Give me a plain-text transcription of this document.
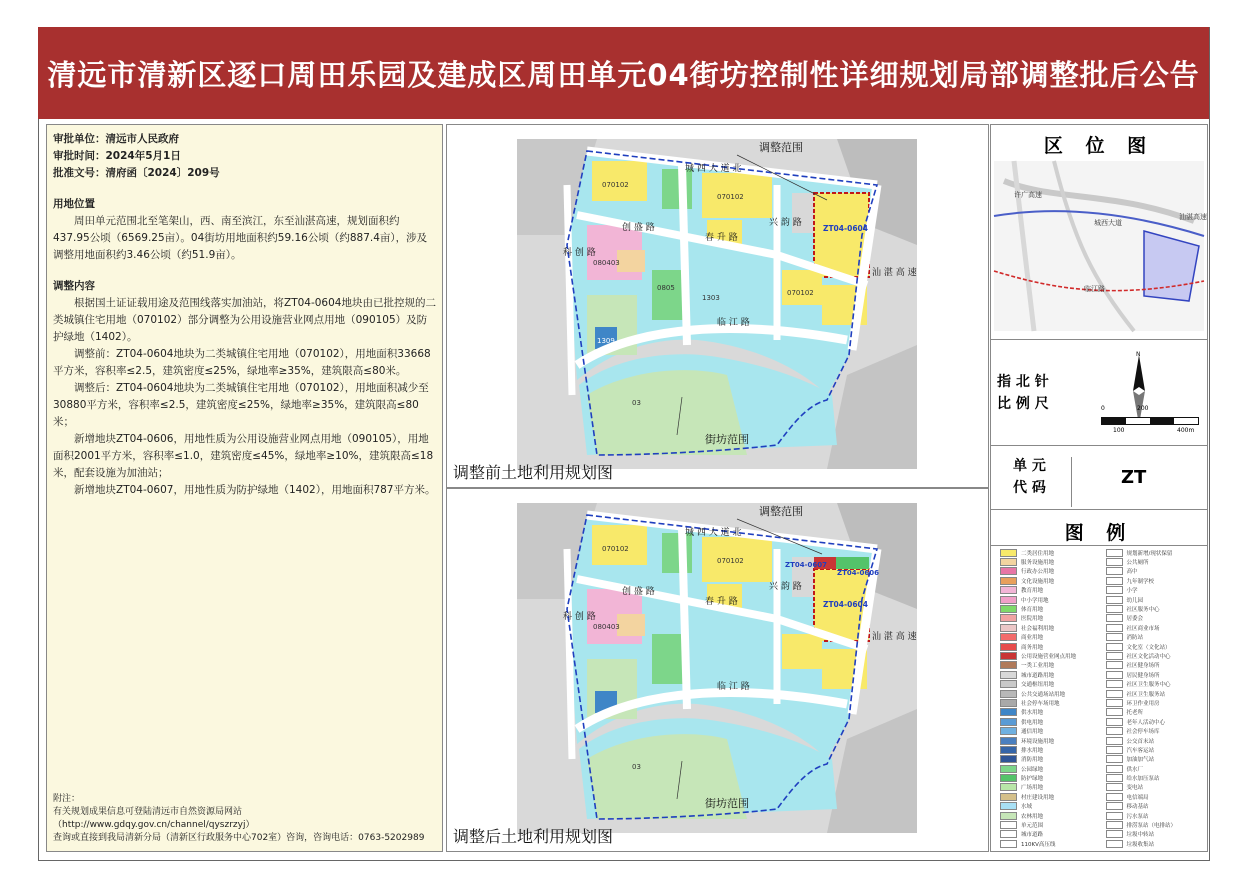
清远市清新区逐口周田乐园及建成区周田单元04街坊控制性详细规划局部调整批后公告
审批单位：清远市人民政府
审批时间：2024年5月1日
批准文号：清府函〔2024〕209号
用地位置

周田单元范围北至笔架山，西、南至滨江，东至汕湛高速，规划面积约437.95公顷（6569.25亩）。04街坊用地面积约59.16公顷（约887.4亩），涉及调整用地面积约3.46公顷（约51.9亩）。

调整内容

根据国土证证载用途及范围线落实加油站，将ZT04-0604地块由已批控规的二类城镇住宅用地（070102）部分调整为公用设施营业网点用地（090105）及防护绿地（1402）。

调整前：ZT04-0604地块为二类城镇住宅用地（070102），用地面积33668平方米，容积率≤2.5，建筑密度≤25%，绿地率≥35%，建筑限高≤80米。

调整后：ZT04-0604地块为二类城镇住宅用地（070102），用地面积减少至30880平方米，容积率≤2.5，建筑密度≤25%，绿地率≥35%，建筑限高≤80米；

新增地块ZT04-0606，用地性质为公用设施营业网点用地（090105），用地面积2001平方米，容积率≤1.0，建筑密度≤45%，绿地率≥10%，建筑限高≤18米，配套设施为加油站；

新增地块ZT04-0607，用地性质为防护绿地（1402），用地面积787平方米。

附注：
有关规划成果信息可登陆清远市自然资源局网站（http://www.gdqy.gov.cn/channel/qyszrzyj）
查询或直接到我局清新分局（清新区行政服务中心702室）咨询，咨询电话：0763-5202989
调整范围
街坊范围
城 西 大 道 北
创 盛 路
春 升 路
兴 韵 路
临 江 路
科 创 路
汕 湛 高 速
070102
070102
ZT04-0604
080403
0805
1303
070102
03
1309
调整前土地利用规划图
调整范围
街坊范围
城 西 大 道 北
创 盛 路
春 升 路
兴 韵 路
临 江 路
科 创 路
汕 湛 高 速
ZT04-0607
ZT04-0606
ZT04-0604
070102
070102
080403
03
调整后土地利用规划图
区 位 图
许广高速
城西大道
临江路
汕湛高速
指 北 针
比 例 尺
N
0	200
100	400m
单 元
代 码	ZT
图 例
二类居住用地	规划新增/现状保留
服务设施用地	公共厕所
行政办公用地	高中
文化设施用地	九年制学校
教育用地	小学
中小学用地	幼儿园
体育用地	社区服务中心
医院用地	居委会
社会福利用地	社区商业市场
商业用地	消防站
商务用地	文化室（文化站）
公用设施营业网点用地	社区文化活动中心
一类工业用地	社区健身场所
城市道路用地	居民健身场所
交通枢纽用地	社区卫生服务中心
公共交通场站用地	社区卫生服务站
社会停车场用地	环卫作业用房
供水用地	托老所
供电用地	老年人活动中心
通信用地	社会停车场库
环境设施用地	公交首末站
排水用地	汽车客运站
消防用地	加油加气站
公园绿地	供水厂
防护绿地	给水加压泵站
广场用地	变电站
村庄建设用地	电信端局
水域	移动基站
农林用地	污水泵站
单元范围	排涝泵站（电排站）
城市道路	垃圾中转站
110KV高压线	垃圾收集站
